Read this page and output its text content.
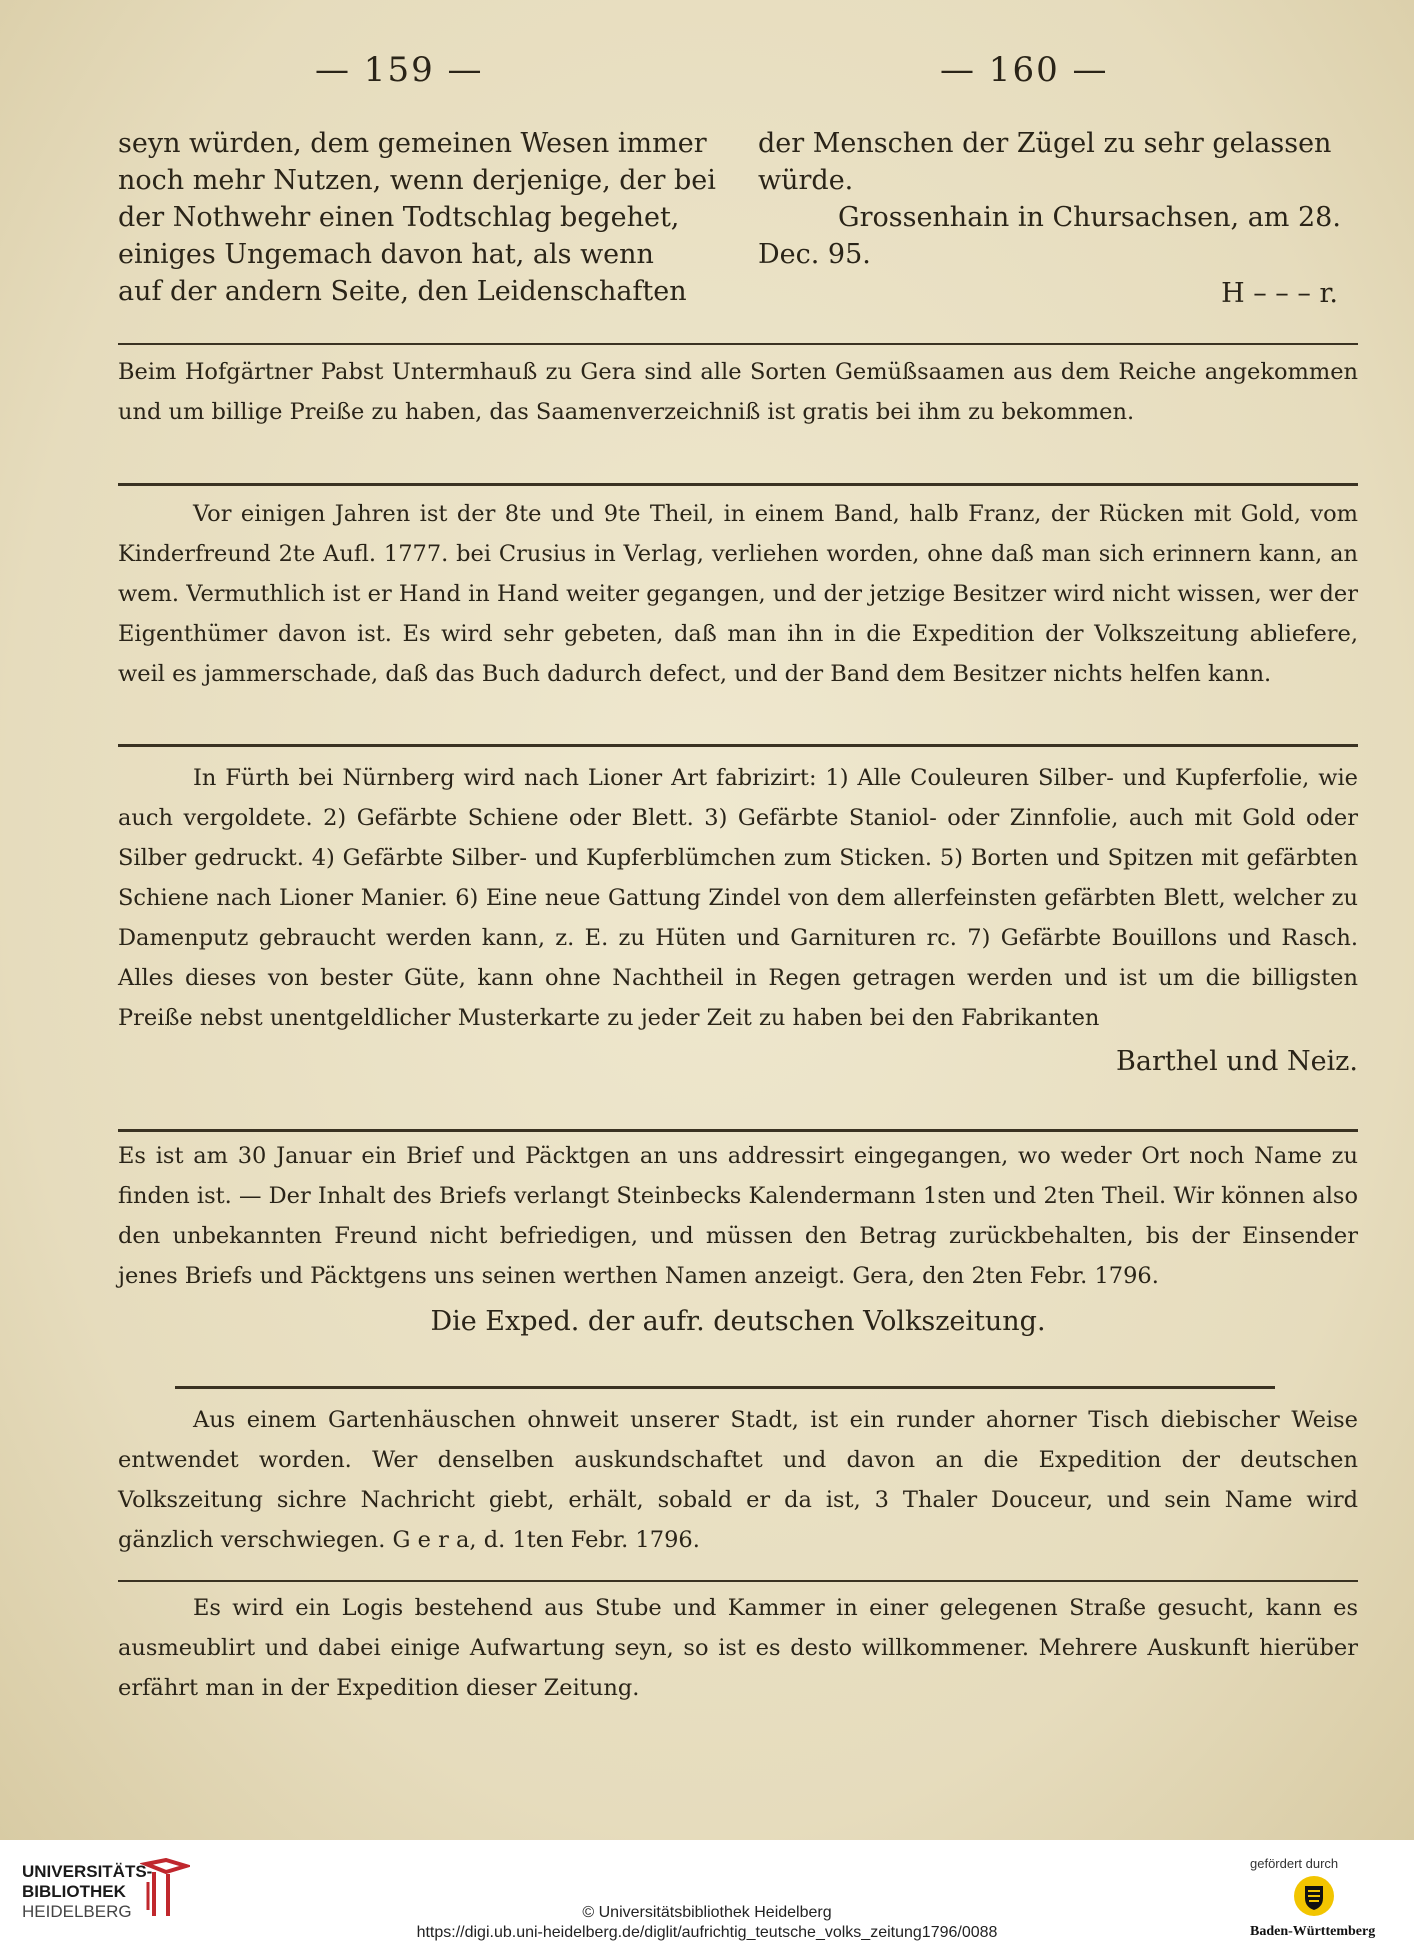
— 159 —	— 160 —

seyn würden, dem gemeinen Wesen immer

noch mehr Nutzen, wenn derjenige, der bei

der Nothwehr einen Todtschlag begehet,

einiges Ungemach davon hat, als wenn

auf der andern Seite, den Leidenschaften

der Menschen der Zügel zu sehr gelassen

würde.

Grossenhain in Chursachsen, am 28.

Dec. 95.

H – – – r.

Beim Hofgärtner Pabst Untermhauß zu Gera sind alle Sorten Gemüßsaamen aus dem Reiche angekommen und um billige Preiße zu haben, das Saamenverzeichniß ist gratis bei ihm zu bekommen.

Vor einigen Jahren ist der 8te und 9te Theil, in einem Band, halb Franz, der Rücken mit Gold, vom Kinderfreund 2te Aufl. 1777. bei Crusius in Verlag, verliehen worden, ohne daß man sich erinnern kann, an wem. Vermuthlich ist er Hand in Hand weiter gegangen, und der jetzige Besitzer wird nicht wissen, wer der Eigenthümer davon ist. Es wird sehr gebeten, daß man ihn in die Expedition der Volkszeitung abliefere, weil es jammerschade, daß das Buch dadurch defect, und der Band dem Besitzer nichts helfen kann.

In Fürth bei Nürnberg wird nach Lioner Art fabrizirt: 1) Alle Couleuren Silber- und Kupferfolie, wie auch vergoldete. 2) Gefärbte Schiene oder Blett. 3) Gefärbte Staniol- oder Zinnfolie, auch mit Gold oder Silber gedruckt. 4) Gefärbte Silber- und Kupferblümchen zum Sticken. 5) Borten und Spitzen mit gefärbten Schiene nach Lioner Manier. 6) Eine neue Gattung Zindel von dem allerfeinsten gefärbten Blett, welcher zu Damenputz gebraucht werden kann, z. E. zu Hüten und Garnituren rc. 7) Gefärbte Bouillons und Rasch. Alles dieses von bester Güte, kann ohne Nachtheil in Regen getragen werden und ist um die billigsten Preiße nebst unentgeldlicher Musterkarte zu jeder Zeit zu haben bei den Fabrikanten

Barthel und Neiz.

Es ist am 30 Januar ein Brief und Päcktgen an uns addressirt eingegangen, wo weder Ort noch Name zu finden ist. — Der Inhalt des Briefs verlangt Steinbecks Kalendermann 1sten und 2ten Theil. Wir können also den unbekannten Freund nicht befriedigen, und müssen den Betrag zurückbehalten, bis der Einsender jenes Briefs und Päcktgens uns seinen werthen Namen anzeigt. Gera, den 2ten Febr. 1796.

Die Exped. der aufr. deutschen Volkszeitung.

Aus einem Gartenhäuschen ohnweit unserer Stadt, ist ein runder ahorner Tisch diebischer Weise entwendet worden. Wer denselben auskundschaftet und davon an die Expedition der deutschen Volkszeitung sichre Nachricht giebt, erhält, sobald er da ist, 3 Thaler Douceur, und sein Name wird gänzlich verschwiegen. G e r a, d. 1ten Febr. 1796.

Es wird ein Logis bestehend aus Stube und Kammer in einer gelegenen Straße gesucht, kann es ausmeublirt und dabei einige Aufwartung seyn, so ist es desto willkommener. Mehrere Auskunft hierüber erfährt man in der Expedition dieser Zeitung.

UNIVERSITÄTS-
BIBLIOTHEK
HEIDELBERG	© Universitätsbibliothek Heidelberg
https://digi.ub.uni-heidelberg.de/diglit/aufrichtig_teutsche_volks_zeitung1796/0088
gefördert durch
Baden-Württemberg
